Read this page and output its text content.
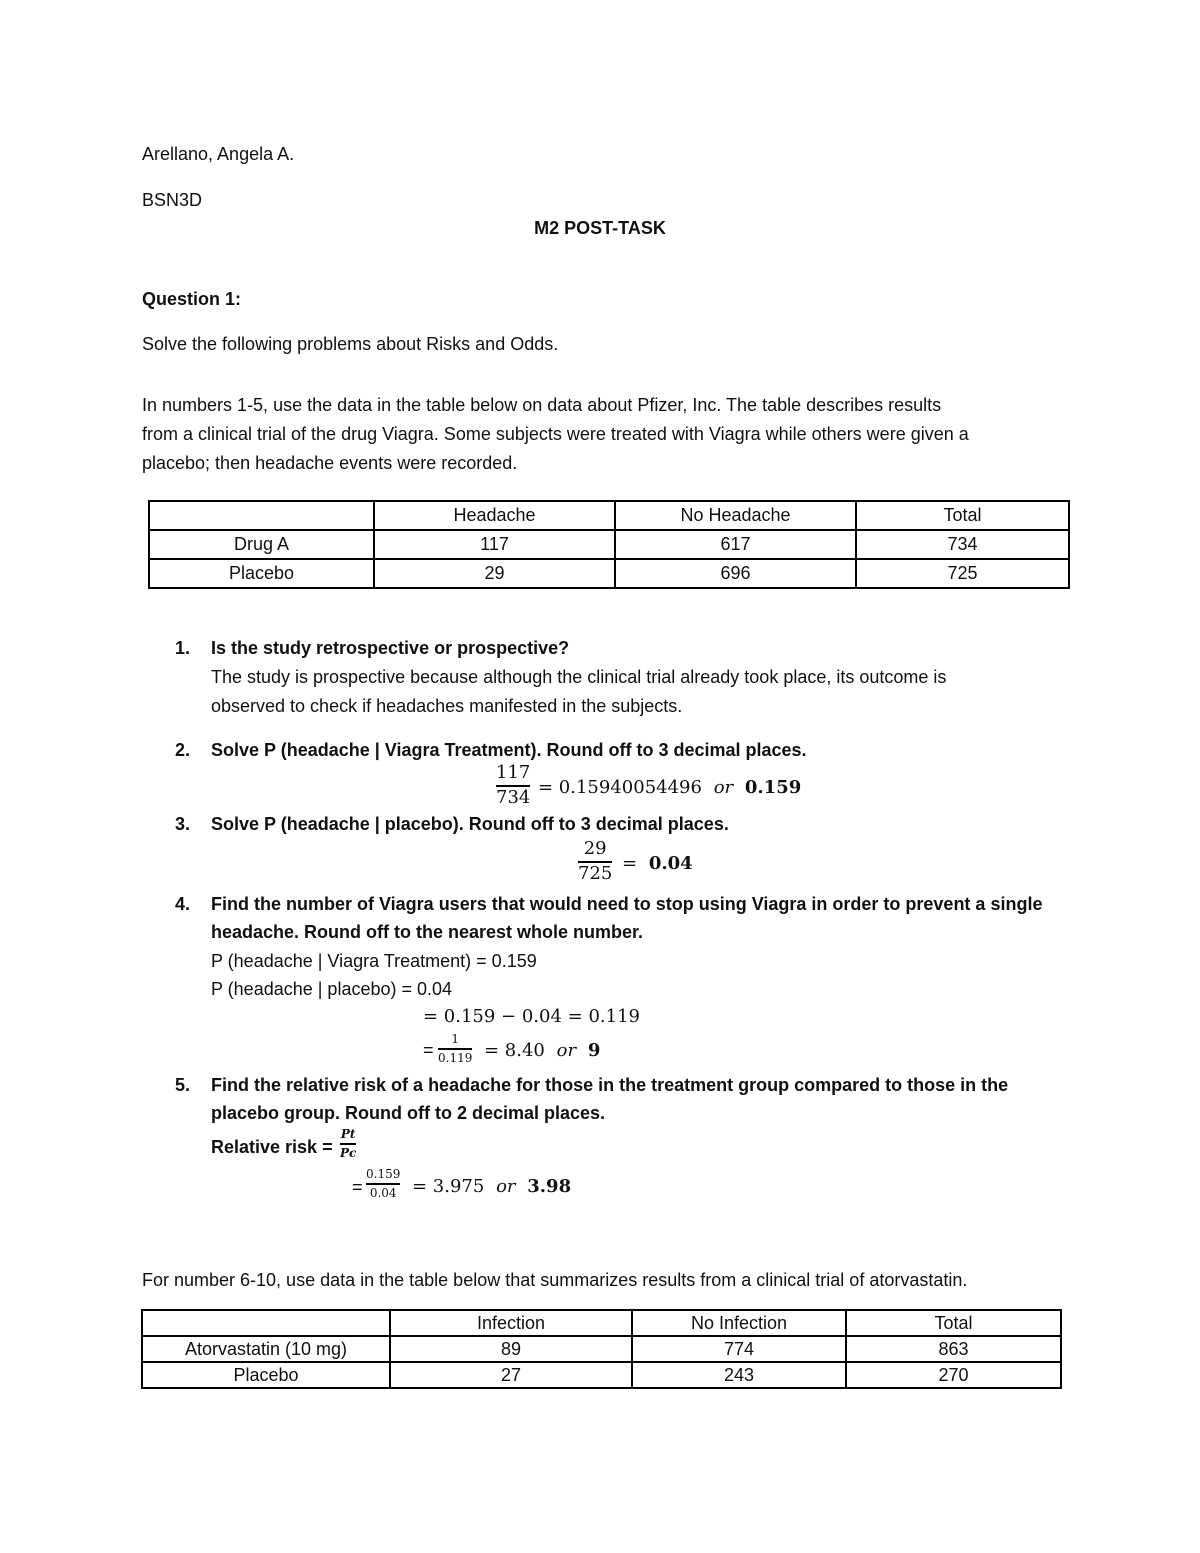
Arellano, Angela A.
BSN3D
M2 POST-TASK
Question 1:
Solve the following problems about Risks and Odds.
In numbers 1-5, use the data in the table below on data about Pfizer, Inc. The table describes results
from a clinical trial of the drug Viagra. Some subjects were treated with Viagra while others were given a
placebo; then headache events were recorded.
	Headache	No Headache	Total
Drug A	117	617	734
Placebo	29	696	725
1. Is the study retrospective or prospective?
The study is prospective because although the clinical trial already took place, its outcome is
observed to check if headaches manifested in the subjects.
2. Solve P (headache | Viagra Treatment). Round off to 3 decimal places.
117
734 = 0.15940054496 or 0.159
3. Solve P (headache | placebo). Round off to 3 decimal places.
29
725 = 0.04
4. Find the number of Viagra users that would need to stop using Viagra in order to prevent a single
headache. Round off to the nearest whole number.
P (headache | Viagra Treatment) = 0.159
P (headache | placebo) = 0.04
= 0.159 − 0.04 = 0.119
=
1
0.119 = 8.40 or 9
5. Find the relative risk of a headache for those in the treatment group compared to those in the
placebo group. Round off to 2 decimal places.
Relative risk =
Pt
Pc
=
0.159
0.04 = 3.975 or 3.98
For number 6-10, use data in the table below that summarizes results from a clinical trial of atorvastatin.
	Infection	No Infection	Total
Atorvastatin (10 mg)	89	774	863
Placebo	27	243	270
